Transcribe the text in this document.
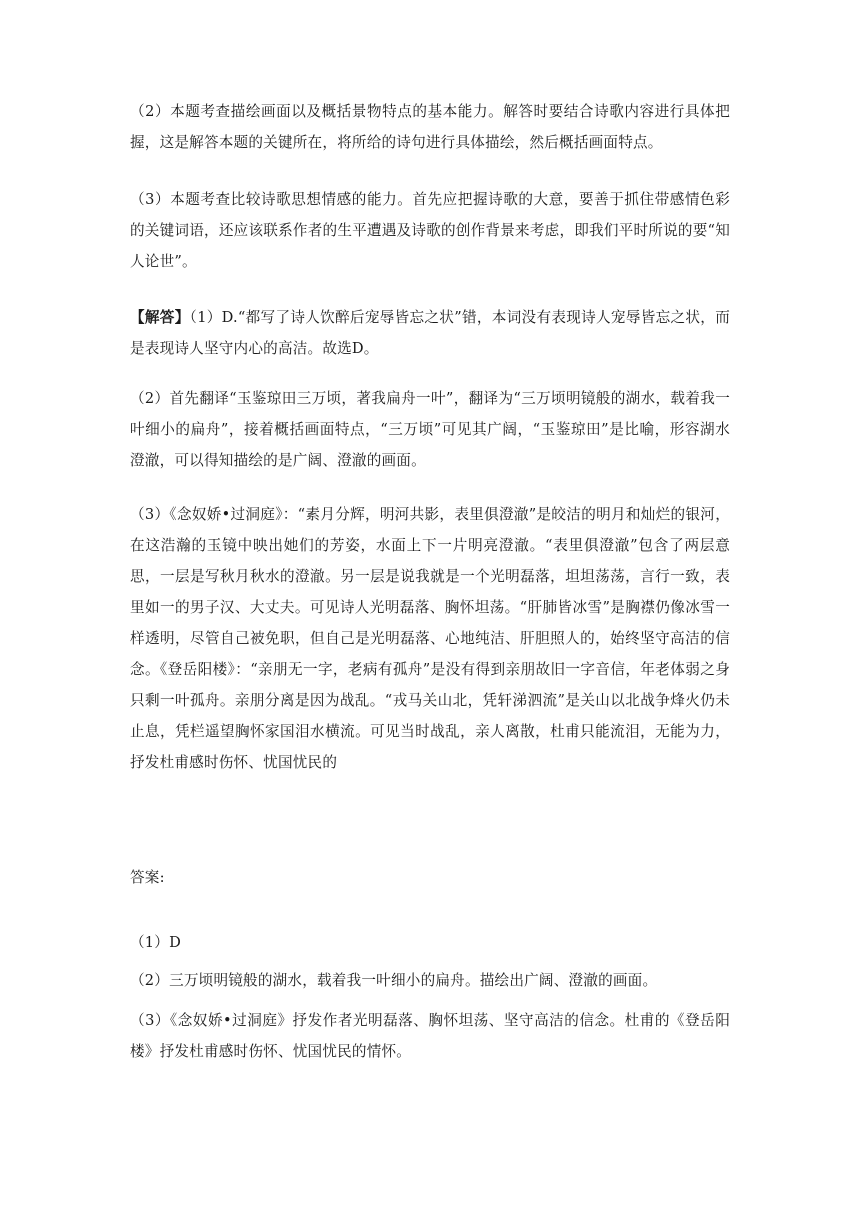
（2）本题考查描绘画面以及概括景物特点的基本能力。解答时要结合诗歌内容进行具体把握，这是解答本题的关键所在，将所给的诗句进行具体描绘，然后概括画面特点。

（3）本题考查比较诗歌思想情感的能力。首先应把握诗歌的大意，要善于抓住带感情色彩的关键词语，还应该联系作者的生平遭遇及诗歌的创作背景来考虑，即我们平时所说的要“知人论世”。

【解答】（1）D.“都写了诗人饮醉后宠辱皆忘之状”错，本词没有表现诗人宠辱皆忘之状，而是表现诗人坚守内心的高洁。故选D。

（2）首先翻译“玉鉴琼田三万顷，著我扁舟一叶”，翻译为“三万顷明镜般的湖水，载着我一叶细小的扁舟”，接着概括画面特点，“三万顷”可见其广阔，“玉鉴琼田”是比喻，形容湖水澄澈，可以得知描绘的是广阔、澄澈的画面。

（3）《念奴娇•过洞庭》：“素月分辉，明河共影，表里俱澄澈”是皎洁的明月和灿烂的银河，在这浩瀚的玉镜中映出她们的芳姿，水面上下一片明亮澄澈。“表里俱澄澈”包含了两层意思，一层是写秋月秋水的澄澈。另一层是说我就是一个光明磊落，坦坦荡荡，言行一致，表里如一的男子汉、大丈夫。可见诗人光明磊落、胸怀坦荡。“肝肺皆冰雪”是胸襟仍像冰雪一样透明，尽管自己被免职，但自己是光明磊落、心地纯洁、肝胆照人的，始终坚守高洁的信念。《登岳阳楼》：“亲朋无一字，老病有孤舟”是没有得到亲朋故旧一字音信，年老体弱之身只剩一叶孤舟。亲朋分离是因为战乱。“戎马关山北，凭轩涕泗流”是关山以北战争烽火仍未止息，凭栏遥望胸怀家国泪水横流。可见当时战乱，亲人离散，杜甫只能流泪，无能为力，抒发杜甫感时伤怀、忧国忧民的

答案:

（1）D

（2）三万顷明镜般的湖水，载着我一叶细小的扁舟。描绘出广阔、澄澈的画面。

（3）《念奴娇•过洞庭》抒发作者光明磊落、胸怀坦荡、坚守高洁的信念。杜甫的《登岳阳楼》抒发杜甫感时伤怀、忧国忧民的情怀。
